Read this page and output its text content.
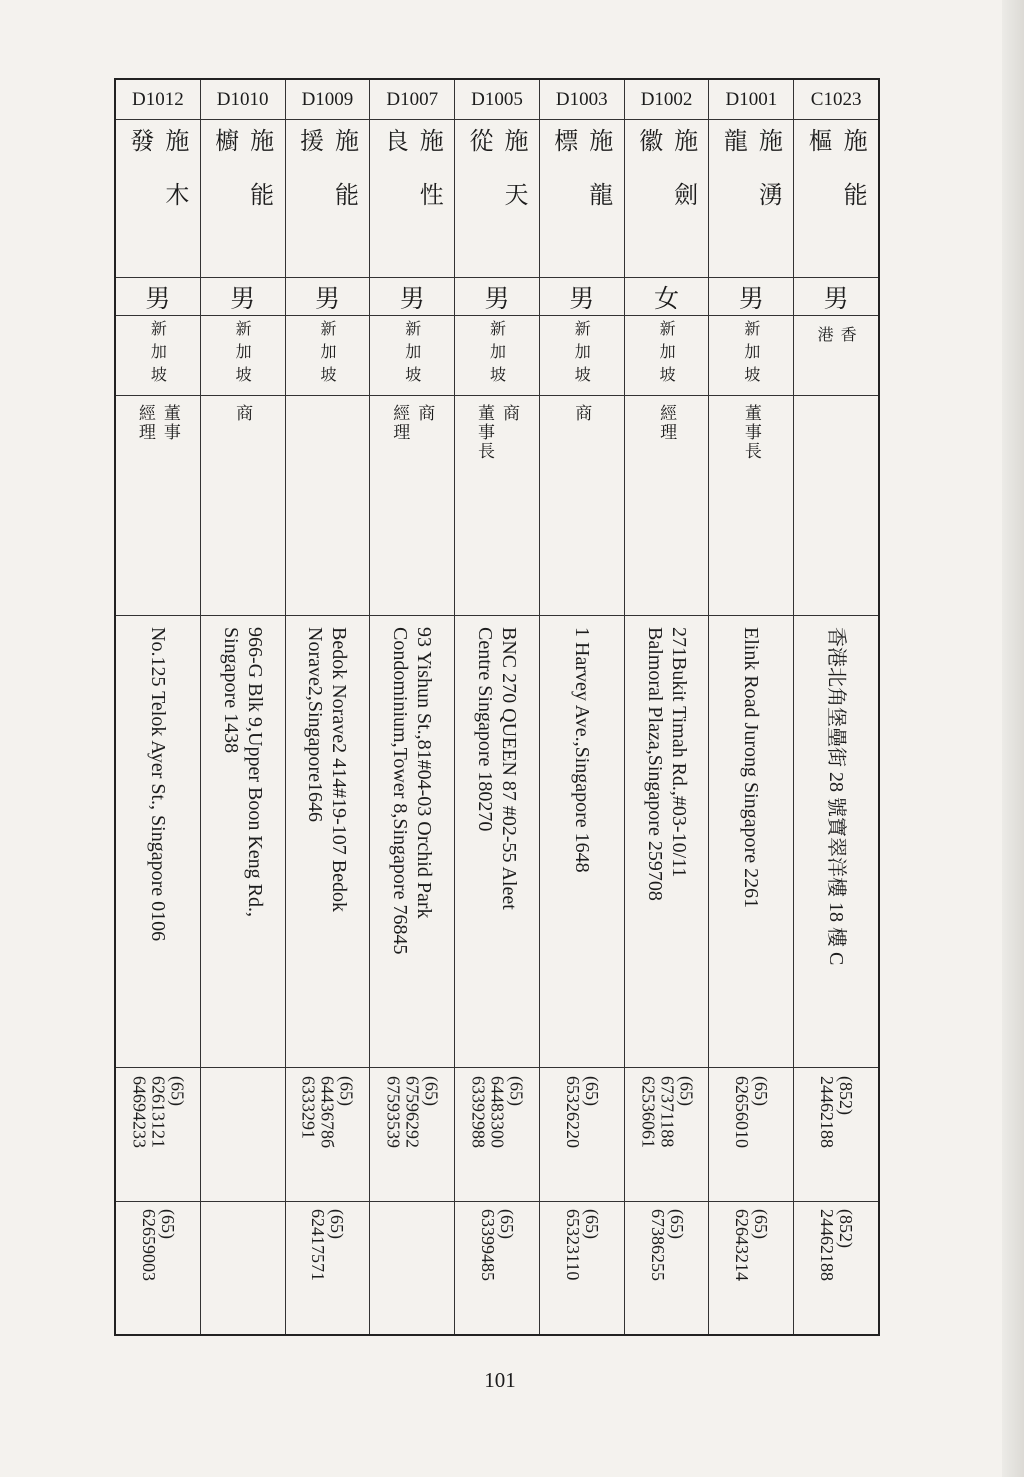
D1012
施木發
男
新加坡
董事
經理
No.125 Telok Ayer St., Singapore 0106
(65)
62613121
64694233
(65)
62659003
D1010
施能櫥
男
新加坡
商
966-G Blk 9,Upper Boon Keng Rd.,
Singapore 1438
D1009
施能援
男
新加坡
Bedok Norave2 414#19-107 Bedok
Norave2,Singapore1646
(65)
6443678б
6333291
(65)
62417571
D1007
施性良
男
新加坡
商
經理
93 Yishun St.,81#04-03 Orchid Park
Condominium,Tower 8,Singapore 76845
(65)
67596292
67593539
D1005
施天從
男
新加坡
商
董事長
BNC 270 QUEEN 87 #02-55 Aleet
Centre Singapore 180270
(65)
64483300
63392988
(65)
63399485
D1003
施龍標
男
新加坡
商
1 Harvey Ave.,Singapore 1648
(65)
65326220
(65)
65323110
D1002
施劍徽
女
新加坡
經理
271Bukit Timah Rd.,#03-10/11
Balmoral Plaza,Singapore 259708
(65)
67371188
62536061
(65)
67386255
D1001
施湧龍
男
新加坡
董事長
Elink Road Jurong Singapore 2261
(65)
62656010
(65)
62643214
C1023
施能樞
男
香港
香港北角堡壘街 28 號寶翠洋樓 18 樓 C
(852)
24462188
(852)
24462188
101
